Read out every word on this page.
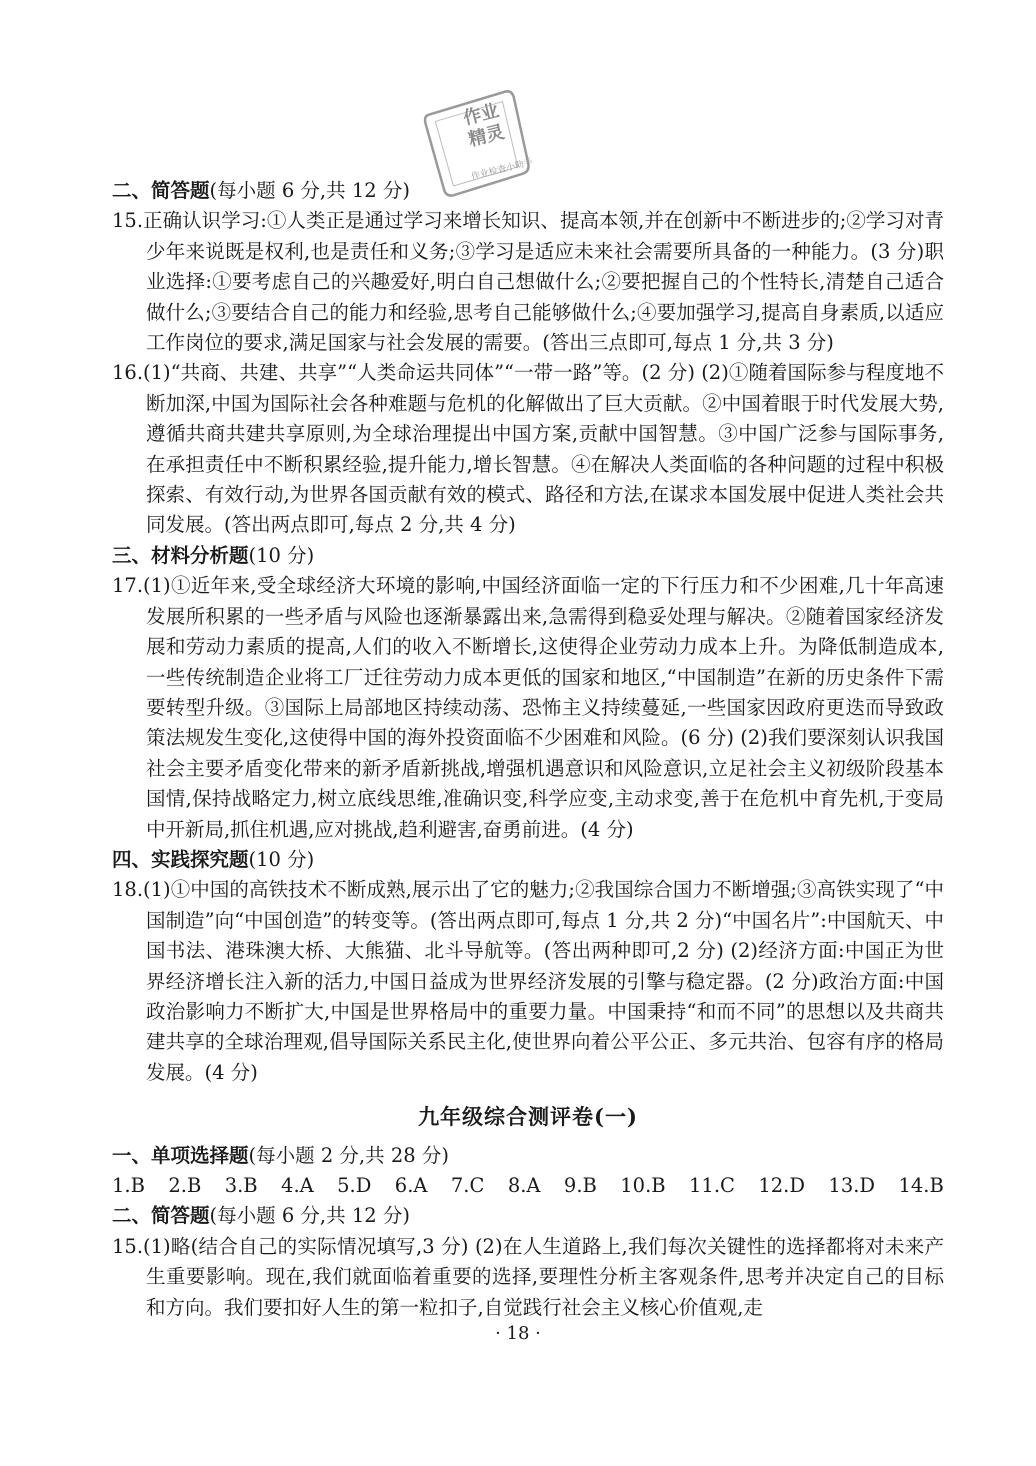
作业
精灵
作业检查小助手
二、简答题(每小题 6 分,共 12 分)

15.正确认识学习:①人类正是通过学习来增长知识、提高本领,并在创新中不断进步的;②学习对青少年来说既是权利,也是责任和义务;③学习是适应未来社会需要所具备的一种能力。(3 分)职业选择:①要考虑自己的兴趣爱好,明白自己想做什么;②要把握自己的个性特长,清楚自己适合做什么;③要结合自己的能力和经验,思考自己能够做什么;④要加强学习,提高自身素质,以适应工作岗位的要求,满足国家与社会发展的需要。(答出三点即可,每点 1 分,共 3 分)

16.(1)“共商、共建、共享”“人类命运共同体”“一带一路”等。(2 分) (2)①随着国际参与程度地不断加深,中国为国际社会各种难题与危机的化解做出了巨大贡献。②中国着眼于时代发展大势,遵循共商共建共享原则,为全球治理提出中国方案,贡献中国智慧。③中国广泛参与国际事务,在承担责任中不断积累经验,提升能力,增长智慧。④在解决人类面临的各种问题的过程中积极探索、有效行动,为世界各国贡献有效的模式、路径和方法,在谋求本国发展中促进人类社会共同发展。(答出两点即可,每点 2 分,共 4 分)

三、材料分析题(10 分)

17.(1)①近年来,受全球经济大环境的影响,中国经济面临一定的下行压力和不少困难,几十年高速发展所积累的一些矛盾与风险也逐渐暴露出来,急需得到稳妥处理与解决。②随着国家经济发展和劳动力素质的提高,人们的收入不断增长,这使得企业劳动力成本上升。为降低制造成本,一些传统制造企业将工厂迁往劳动力成本更低的国家和地区,“中国制造”在新的历史条件下需要转型升级。③国际上局部地区持续动荡、恐怖主义持续蔓延,一些国家因政府更迭而导致政策法规发生变化,这使得中国的海外投资面临不少困难和风险。(6 分) (2)我们要深刻认识我国社会主要矛盾变化带来的新矛盾新挑战,增强机遇意识和风险意识,立足社会主义初级阶段基本国情,保持战略定力,树立底线思维,准确识变,科学应变,主动求变,善于在危机中育先机,于变局中开新局,抓住机遇,应对挑战,趋利避害,奋勇前进。(4 分)

四、实践探究题(10 分)

18.(1)①中国的高铁技术不断成熟,展示出了它的魅力;②我国综合国力不断增强;③高铁实现了“中国制造”向“中国创造”的转变等。(答出两点即可,每点 1 分,共 2 分)“中国名片”:中国航天、中国书法、港珠澳大桥、大熊猫、北斗导航等。(答出两种即可,2 分) (2)经济方面:中国正为世界经济增长注入新的活力,中国日益成为世界经济发展的引擎与稳定器。(2 分)政治方面:中国政治影响力不断扩大,中国是世界格局中的重要力量。中国秉持“和而不同”的思想以及共商共建共享的全球治理观,倡导国际关系民主化,使世界向着公平公正、多元共治、包容有序的格局发展。(4 分)

九年级综合测评卷(一)
一、单项选择题(每小题 2 分,共 28 分)
1.B 2.B 3.B 4.A 5.D 6.A 7.C 8.A 9.B 10.B 11.C 12.D 13.D 14.B
二、简答题(每小题 6 分,共 12 分)

15.(1)略(结合自己的实际情况填写,3 分) (2)在人生道路上,我们每次关键性的选择都将对未来产生重要影响。现在,我们就面临着重要的选择,要理性分析主客观条件,思考并决定自己的目标和方向。我们要扣好人生的第一粒扣子,自觉践行社会主义核心价值观,走

· 18 ·
